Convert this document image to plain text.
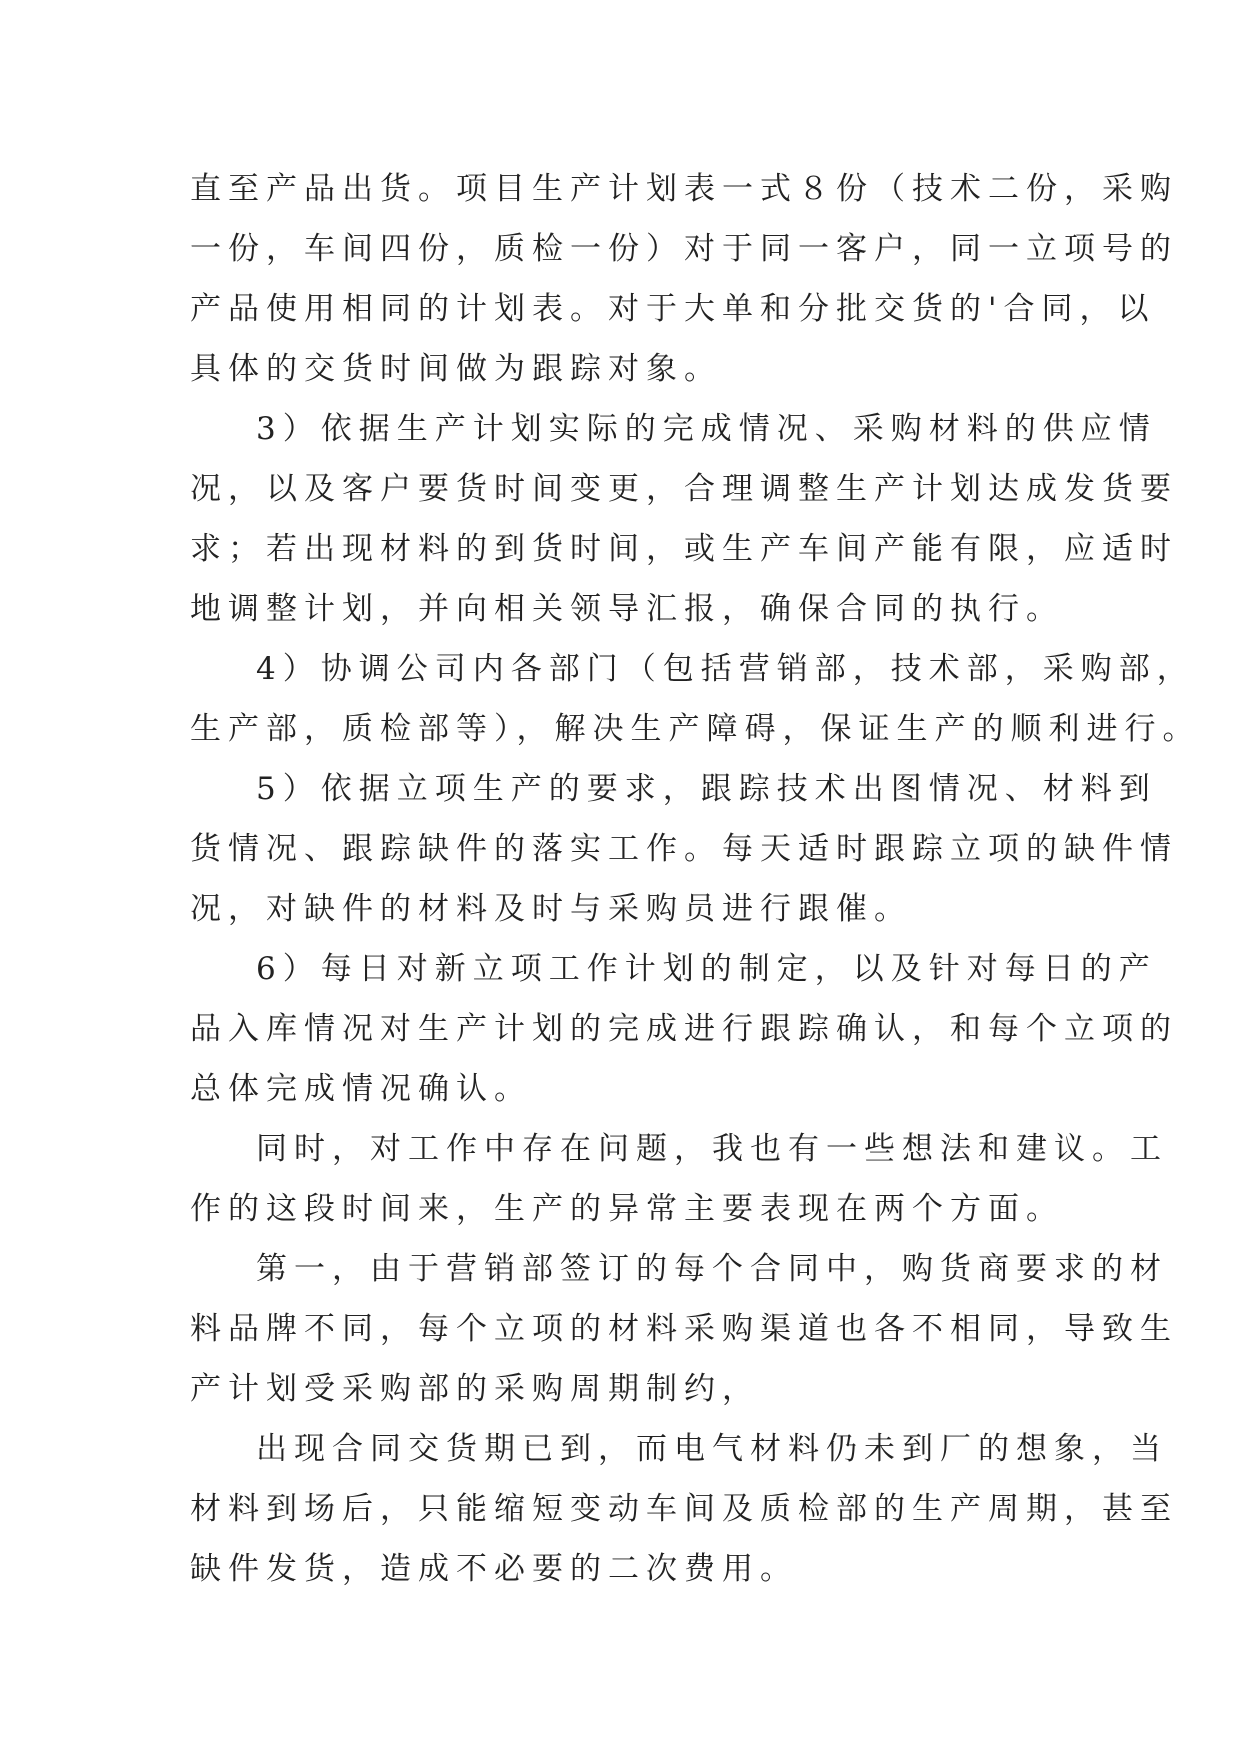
直至产品出货。项目生产计划表一式８份（技术二份，采购
一份，车间四份，质检一份）对于同一客户，同一立项号的
产品使用相同的计划表。对于大单和分批交货的'合同，以
具体的交货时间做为跟踪对象。
3）依据生产计划实际的完成情况、采购材料的供应情
况，以及客户要货时间变更，合理调整生产计划达成发货要
求；若出现材料的到货时间，或生产车间产能有限，应适时
地调整计划，并向相关领导汇报，确保合同的执行。
4）协调公司内各部门（包括营销部，技术部，采购部，
生产部，质检部等），解决生产障碍，保证生产的顺利进行。
5）依据立项生产的要求，跟踪技术出图情况、材料到
货情况、跟踪缺件的落实工作。每天适时跟踪立项的缺件情
况，对缺件的材料及时与采购员进行跟催。
6）每日对新立项工作计划的制定，以及针对每日的产
品入库情况对生产计划的完成进行跟踪确认，和每个立项的
总体完成情况确认。
同时，对工作中存在问题，我也有一些想法和建议。工
作的这段时间来，生产的异常主要表现在两个方面。
第一，由于营销部签订的每个合同中，购货商要求的材
料品牌不同，每个立项的材料采购渠道也各不相同，导致生
产计划受采购部的采购周期制约，
出现合同交货期已到，而电气材料仍未到厂的想象，当
材料到场后，只能缩短变动车间及质检部的生产周期，甚至
缺件发货，造成不必要的二次费用。
